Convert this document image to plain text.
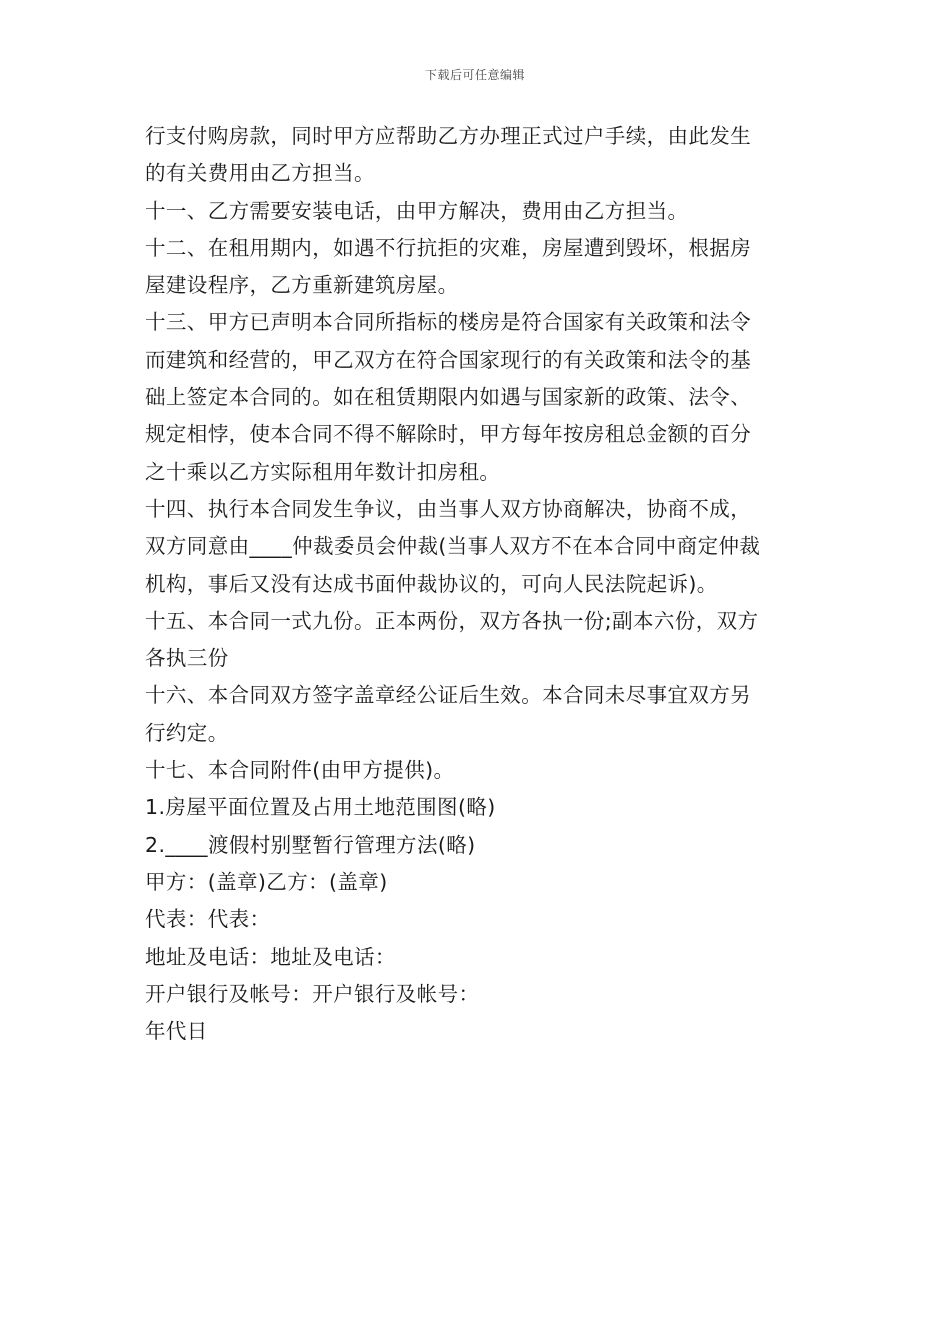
下载后可任意编辑
行支付购房款，同时甲方应帮助乙方办理正式过户手续，由此发生
的有关费用由乙方担当。
十一、乙方需要安装电话，由甲方解决，费用由乙方担当。
十二、在租用期内，如遇不行抗拒的灾难，房屋遭到毁坏，根据房
屋建设程序，乙方重新建筑房屋。
十三、甲方已声明本合同所指标的楼房是符合国家有关政策和法令
而建筑和经营的，甲乙双方在符合国家现行的有关政策和法令的基
础上签定本合同的。如在租赁期限内如遇与国家新的政策、法令、
规定相悖，使本合同不得不解除时，甲方每年按房租总金额的百分
之十乘以乙方实际租用年数计扣房租。
十四、执行本合同发生争议，由当事人双方协商解决，协商不成，
双方同意由____仲裁委员会仲裁(当事人双方不在本合同中商定仲裁
机构，事后又没有达成书面仲裁协议的，可向人民法院起诉)。
十五、本合同一式九份。正本两份，双方各执一份;副本六份，双方
各执三份
十六、本合同双方签字盖章经公证后生效。本合同未尽事宜双方另
行约定。
十七、本合同附件(由甲方提供)。
1.房屋平面位置及占用土地范围图(略)
2.____渡假村别墅暂行管理方法(略)
甲方：(盖章)乙方：(盖章)
代表：代表：
地址及电话：地址及电话：
开户银行及帐号：开户银行及帐号：
年代日
